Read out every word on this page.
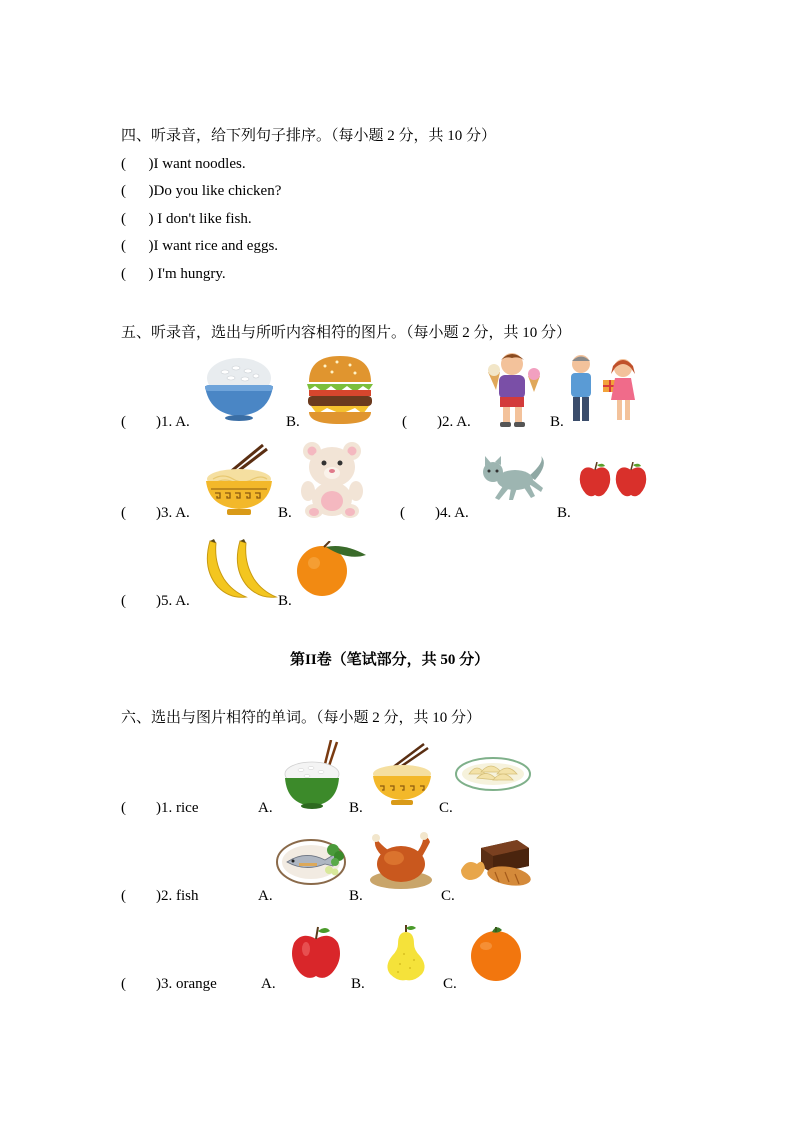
四、听录音，给下列句子排序。（每小题 2 分，共 10 分）
(      )I want noodles.
(      )Do you like chicken?
(      ) I don't like fish.
(      )I want rice and eggs.
(      ) I'm hungry.
五、听录音，选出与所听内容相符的图片。（每小题 2 分，共 10 分）
(        )1. A.	B.	(        )2. A.	B.
(        )3. A.	B.	(        )4. A.	B.
(        )5. A.	B.
第II卷（笔试部分，共 50 分）
六、选出与图片相符的单词。（每小题 2 分，共 10 分）
(        )1. rice	A.	B.	C.
(        )2. fish	A.	B.	C.
(        )3. orange	A.	B.	C.
